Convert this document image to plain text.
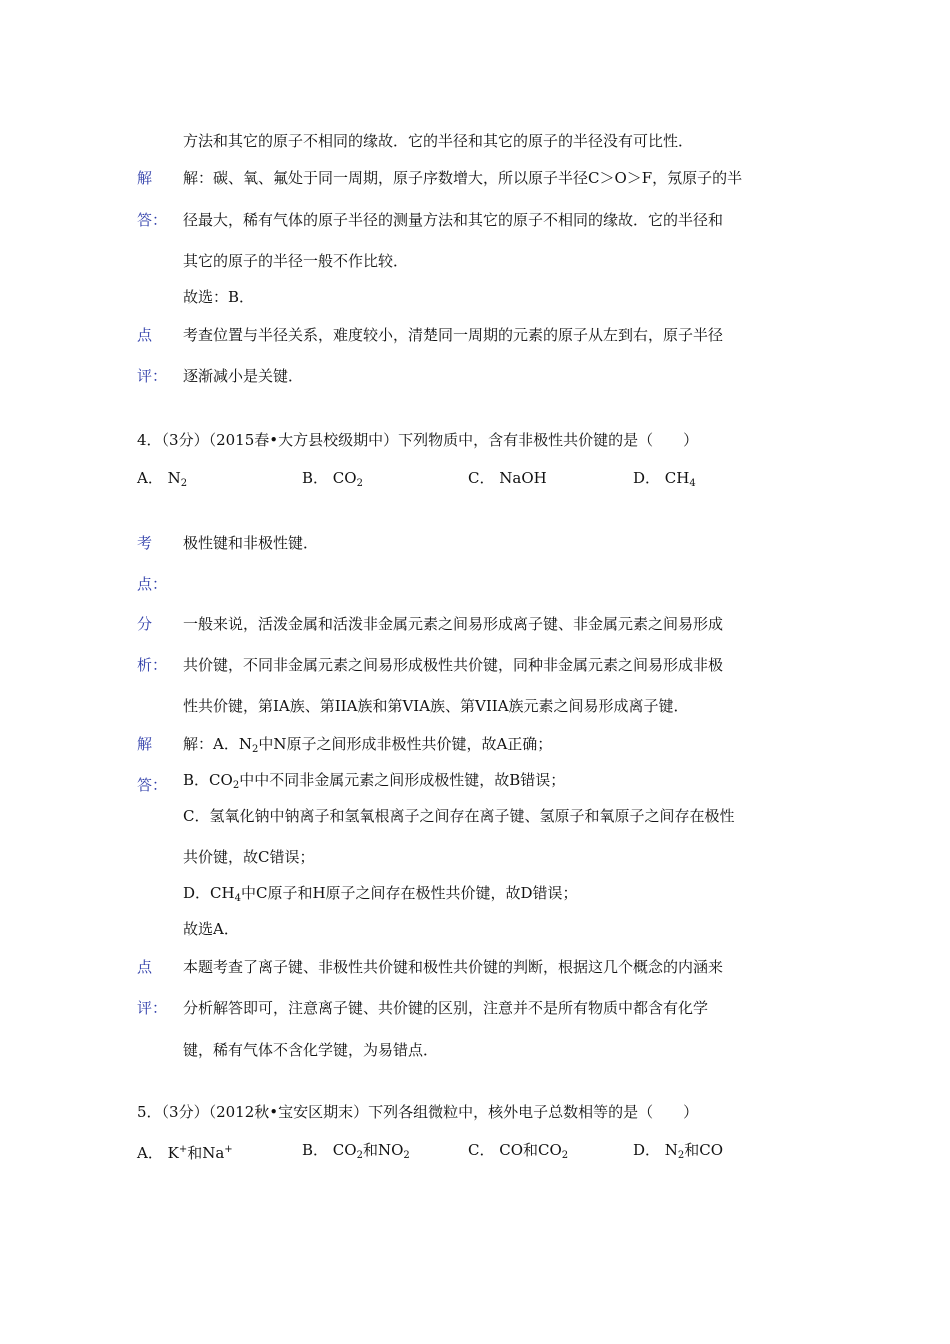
方法和其它的原子不相同的缘故．它的半径和其它的原子的半径没有可比性．
解
答：
解：碳、氧、氟处于同一周期，原子序数增大，所以原子半径C＞O＞F，氖原子的半
径最大，稀有气体的原子半径的测量方法和其它的原子不相同的缘故．它的半径和
其它的原子的半径一般不作比较．
故选：B．
点
评：
考查位置与半径关系，难度较小，清楚同一周期的元素的原子从左到右，原子半径
逐渐减小是关键．
4．（3分）（2015春•大方县校级期中）下列物质中，含有非极性共价键的是（　　）
A． $N_2$	B． $CO_2$	C． NaOH	D． $CH_4$
考
点：
极性键和非极性键．
分
析：
一般来说，活泼金属和活泼非金属元素之间易形成离子键、非金属元素之间易形成
共价键，不同非金属元素之间易形成极性共价键，同种非金属元素之间易形成非极
性共价键，第IA族、第IIA族和第VIA族、第VIIA族元素之间易形成离子键．
解
答：
解：A．$N_2$中N原子之间形成非极性共价键，故A正确；
B．$CO_2$中中不同非金属元素之间形成极性键，故B错误；
C．氢氧化钠中钠离子和氢氧根离子之间存在离子键、氢原子和氧原子之间存在极性
共价键，故C错误；
D．$CH_4$中C原子和H原子之间存在极性共价键，故D错误；
故选A．
点
评：
本题考查了离子键、非极性共价键和极性共价键的判断，根据这几个概念的内涵来
分析解答即可，注意离子键、共价键的区别，注意并不是所有物质中都含有化学
键，稀有气体不含化学键，为易错点．
5．（3分）（2012秋•宝安区期末）下列各组微粒中，核外电子总数相等的是（　　）
A． K+和Na+	B． $CO_2$和$NO_2$	C． CO和$CO_2$	D． $N_2$和CO
